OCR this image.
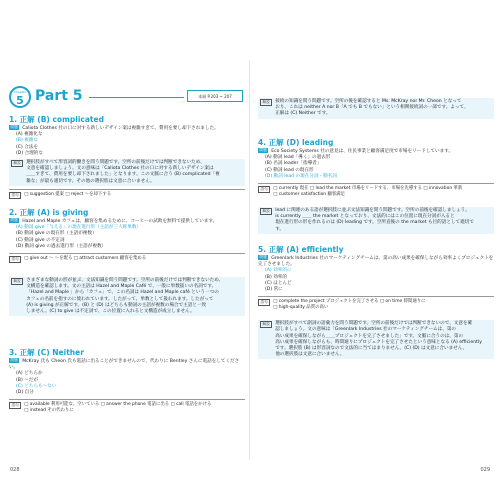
Chapter
5 Part 5	本冊 P.203 ~ 207
1. 正解 (B) complicated
問題 Caliota Clothes 社の口に対する新しいデザイン案は複雑すぎて、費用を要し却下されました。
(A) 複雑化な
(B) 複雑な
(C) 合法を
(D) 合理的な
解説 選択肢がすべて形容詞的働きを問う問題です。空所の前後だけでは判断できないため、
文意を確認しましょう。文の意味は「Caliota Clothes 社の口に対する新しいデザイン案は
＿＿すぎて、費用を要し却下されました」となります。この文脈に合う (B) complicated「複
雑な」が最も適切です。その他の選択肢は文意に合いません。

語句 □ suggestion 提案 □ reject ～を却下する
2. 正解 (A) is giving
問題 Hazel and Maple カフェは、顧客を集めるために、コーヒーの試飲を無料で提供しています。
(A) 動詞 give「与える」の現在進行形（主語が三人称単数）
(B) 動詞 give の現在形（主語が複数）
(C) 動詞 give の不定詞
(D) 動詞 give の過去進行形（主語が複数）
語句 □ give out ～ ～を配る □ attract customers 顧客を集める
解説 さまざまな動詞の形が並ぶ、文法知識を問う問題です。空所の前後だけでは判断できないため、
文構造を確認します。文の主語は Hazel and Maple Café で、一般に単数扱いの名詞です。
「Hazel and Maple 」から「カフェ」で、この名詞は Hazel and Maple café という一つの
カフェの名前を指すのに使われています。したがって、単数として扱われます。したがって
(A) is giving が正解です。(B) と (D) はどちらも動詞の主語が複数の場合で主語と一致
しません。(C) to give は不定詞で、この位置に入れると文構造が成立しません。

3. 正解 (C) Neither
問題 McKray 氏も Cheon 氏も電話に出ることができませんので、代わりに Bentley さんに電話をしてください。
(A) どちらか
(B) ～だが
(C) どちらも～ない
(D) 自分
語句 □ available 利用可能な、空いている □ answer the phone 電話に出る □ call 電話をかける
□ instead その代わりに
028
解説 接続の知識を問う問題です。空所の後を確認すると Ms. McKray nor Mr. Cheon となって
おり、これは neither A nor B「A でも B でもない」という相関接続詞の一部です。よって、
正解は (C) Neither です。

4. 正解 (D) leading
問題 Eco Society Systems 社の意見は、住民事業と顧客満足度で市場をリードしています。
(A) 動詞 lead「導く」の過去形
(B) 名詞 leader「指導者」
(C) 動詞 lead の現在形
(D) 動詞 lead の現在分詞・動名詞
語句 □ currently 現在 □ lead the market 市場をリードする、市場を先導する □ innovation 革新
□ customer satisfaction 顧客満足
解説 lead に関連のある語が選択肢に並ぶ文法知識を問う問題です。空所の前後を確認しましょう。
is currently ＿＿ the market となっており、文法的にはこの位置に現在分詞が入ると
現在進行形の形を作れるのは (D) leading です。空所直後の the market も目的語として適切で
す。

5. 正解 (A) efficiently
問題 Greenlark Industries 社のマーケティングチームは、第の高い成果を確保しながら効率よくプロジェクトを完了させました。
(A) 効率的に
(B) 効率的
(C) ほとんど
(D) 常に
語句 □ complete the project プロジェクトを完了させる □ on time 時間通りに
□ high-quality 品質の高い
解説 選択肢がすべて副詞の語彙力を問う問題です。空所の前後だけでは判断できないので、文意を確
認しましょう。文の意味は「Greenlark Industries 社のマーケティングチームは、第の
高い成果を確保しながら＿＿プロジェクトを完了させました」です。文脈に合うのは、第の
高い成果を確保しながらも、時間通りにプロジェクトを完了させたという意味となる (A) efficiently
です。選択肢 (B) は形容詞なので文法的に当てはまりません。(C) (D) は文意に合いません。
他の選択肢は文意に合いません。

029
